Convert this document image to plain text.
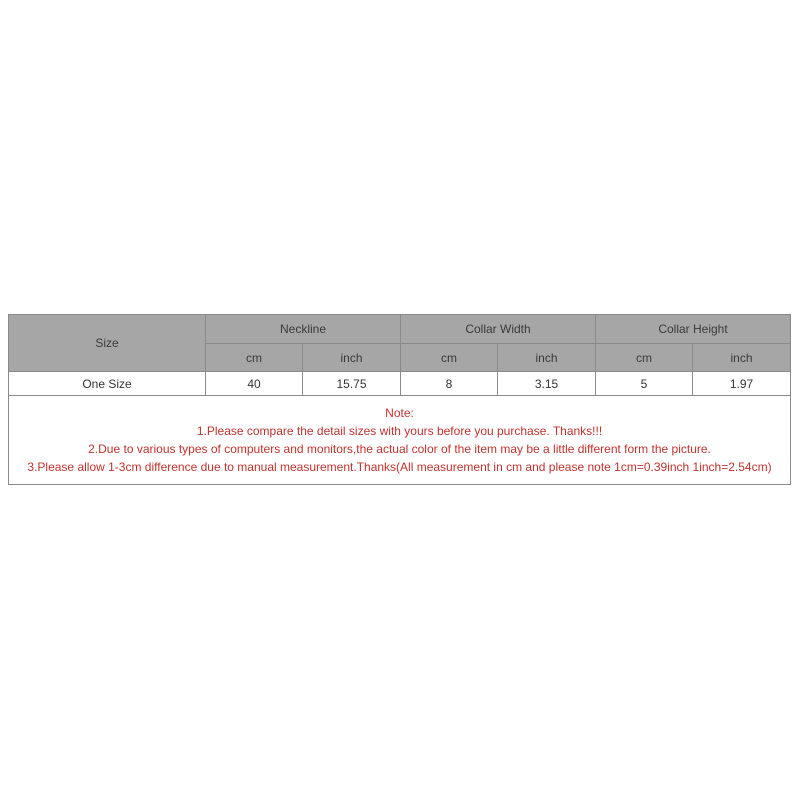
Size	Neckline		Collar Width		Collar Height	
	cm	inch	cm	inch	cm	inch
One Size	40	15.75	8	3.15	5	1.97

Note:
1.Please compare the detail sizes with yours before you purchase. Thanks!!!
2.Due to various types of computers and monitors,the actual color of the item may be a little different form the picture.
3.Please allow 1-3cm difference due to manual measurement.Thanks(All measurement in cm and please note 1cm=0.39inch 1inch=2.54cm)						
